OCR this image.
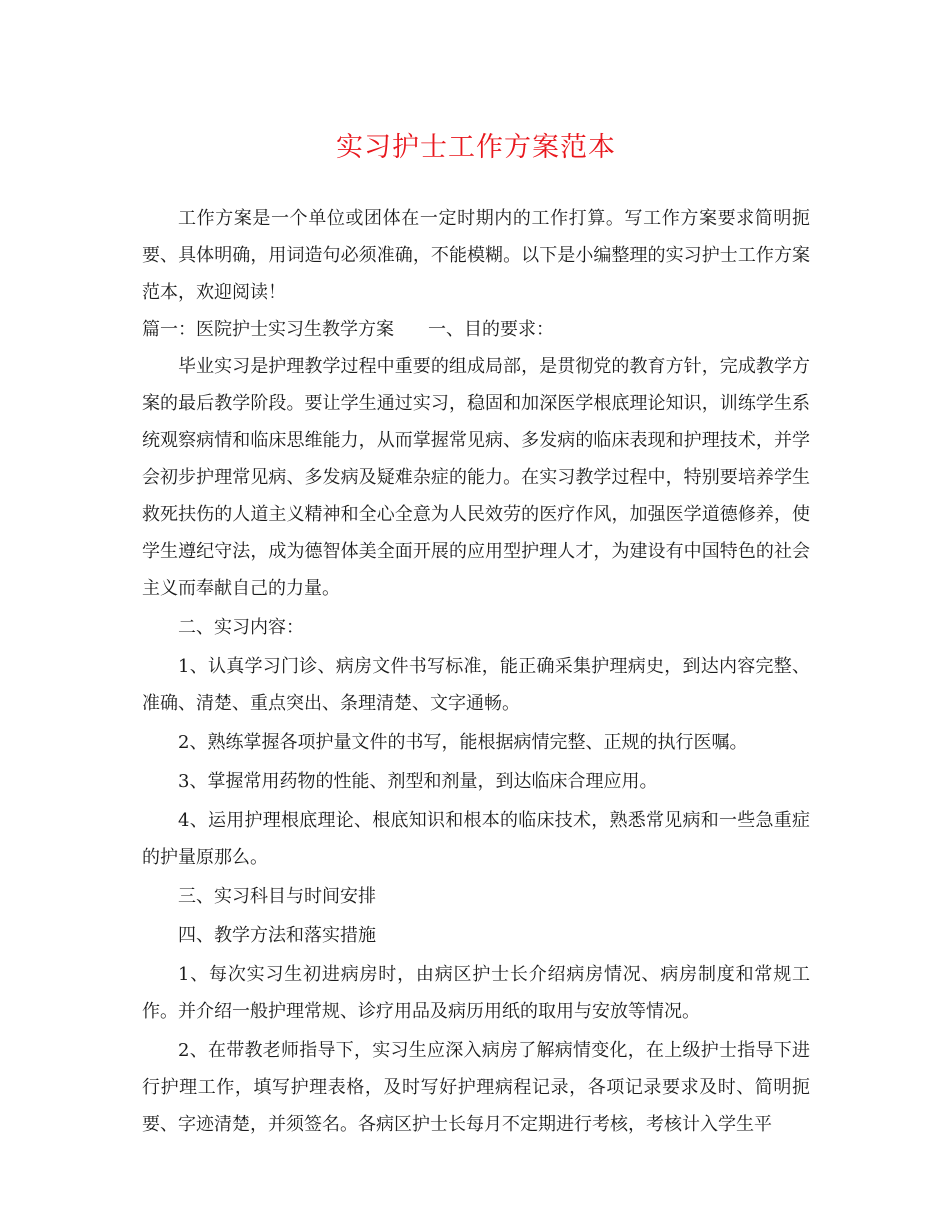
实习护士工作方案范本

工作方案是一个单位或团体在一定时期内的工作打算。写工作方案要求简明扼要、具体明确，用词造句必须准确，不能模糊。以下是小编整理的实习护士工作方案范本，欢迎阅读！

篇一：医院护士实习生教学方案 一、目的要求：

毕业实习是护理教学过程中重要的组成局部，是贯彻党的教育方针，完成教学方案的最后教学阶段。要让学生通过实习，稳固和加深医学根底理论知识，训练学生系统观察病情和临床思维能力，从而掌握常见病、多发病的临床表现和护理技术，并学会初步护理常见病、多发病及疑难杂症的能力。在实习教学过程中，特别要培养学生救死扶伤的人道主义精神和全心全意为人民效劳的医疗作风，加强医学道德修养，使学生遵纪守法，成为德智体美全面开展的应用型护理人才，为建设有中国特色的社会主义而奉献自己的力量。

二、实习内容：

1、认真学习门诊、病房文件书写标准，能正确采集护理病史，到达内容完整、准确、清楚、重点突出、条理清楚、文字通畅。

2、熟练掌握各项护量文件的书写，能根据病情完整、正规的执行医嘱。

3、掌握常用药物的性能、剂型和剂量，到达临床合理应用。

4、运用护理根底理论、根底知识和根本的临床技术，熟悉常见病和一些急重症的护量原那么。

三、实习科目与时间安排

四、教学方法和落实措施

1、每次实习生初进病房时，由病区护士长介绍病房情况、病房制度和常规工作。并介绍一般护理常规、诊疗用品及病历用纸的取用与安放等情况。

2、在带教老师指导下，实习生应深入病房了解病情变化，在上级护士指导下进行护理工作，填写护理表格，及时写好护理病程记录，各项记录要求及时、简明扼要、字迹清楚，并须签名。各病区护士长每月不定期进行考核，考核计入学生平
